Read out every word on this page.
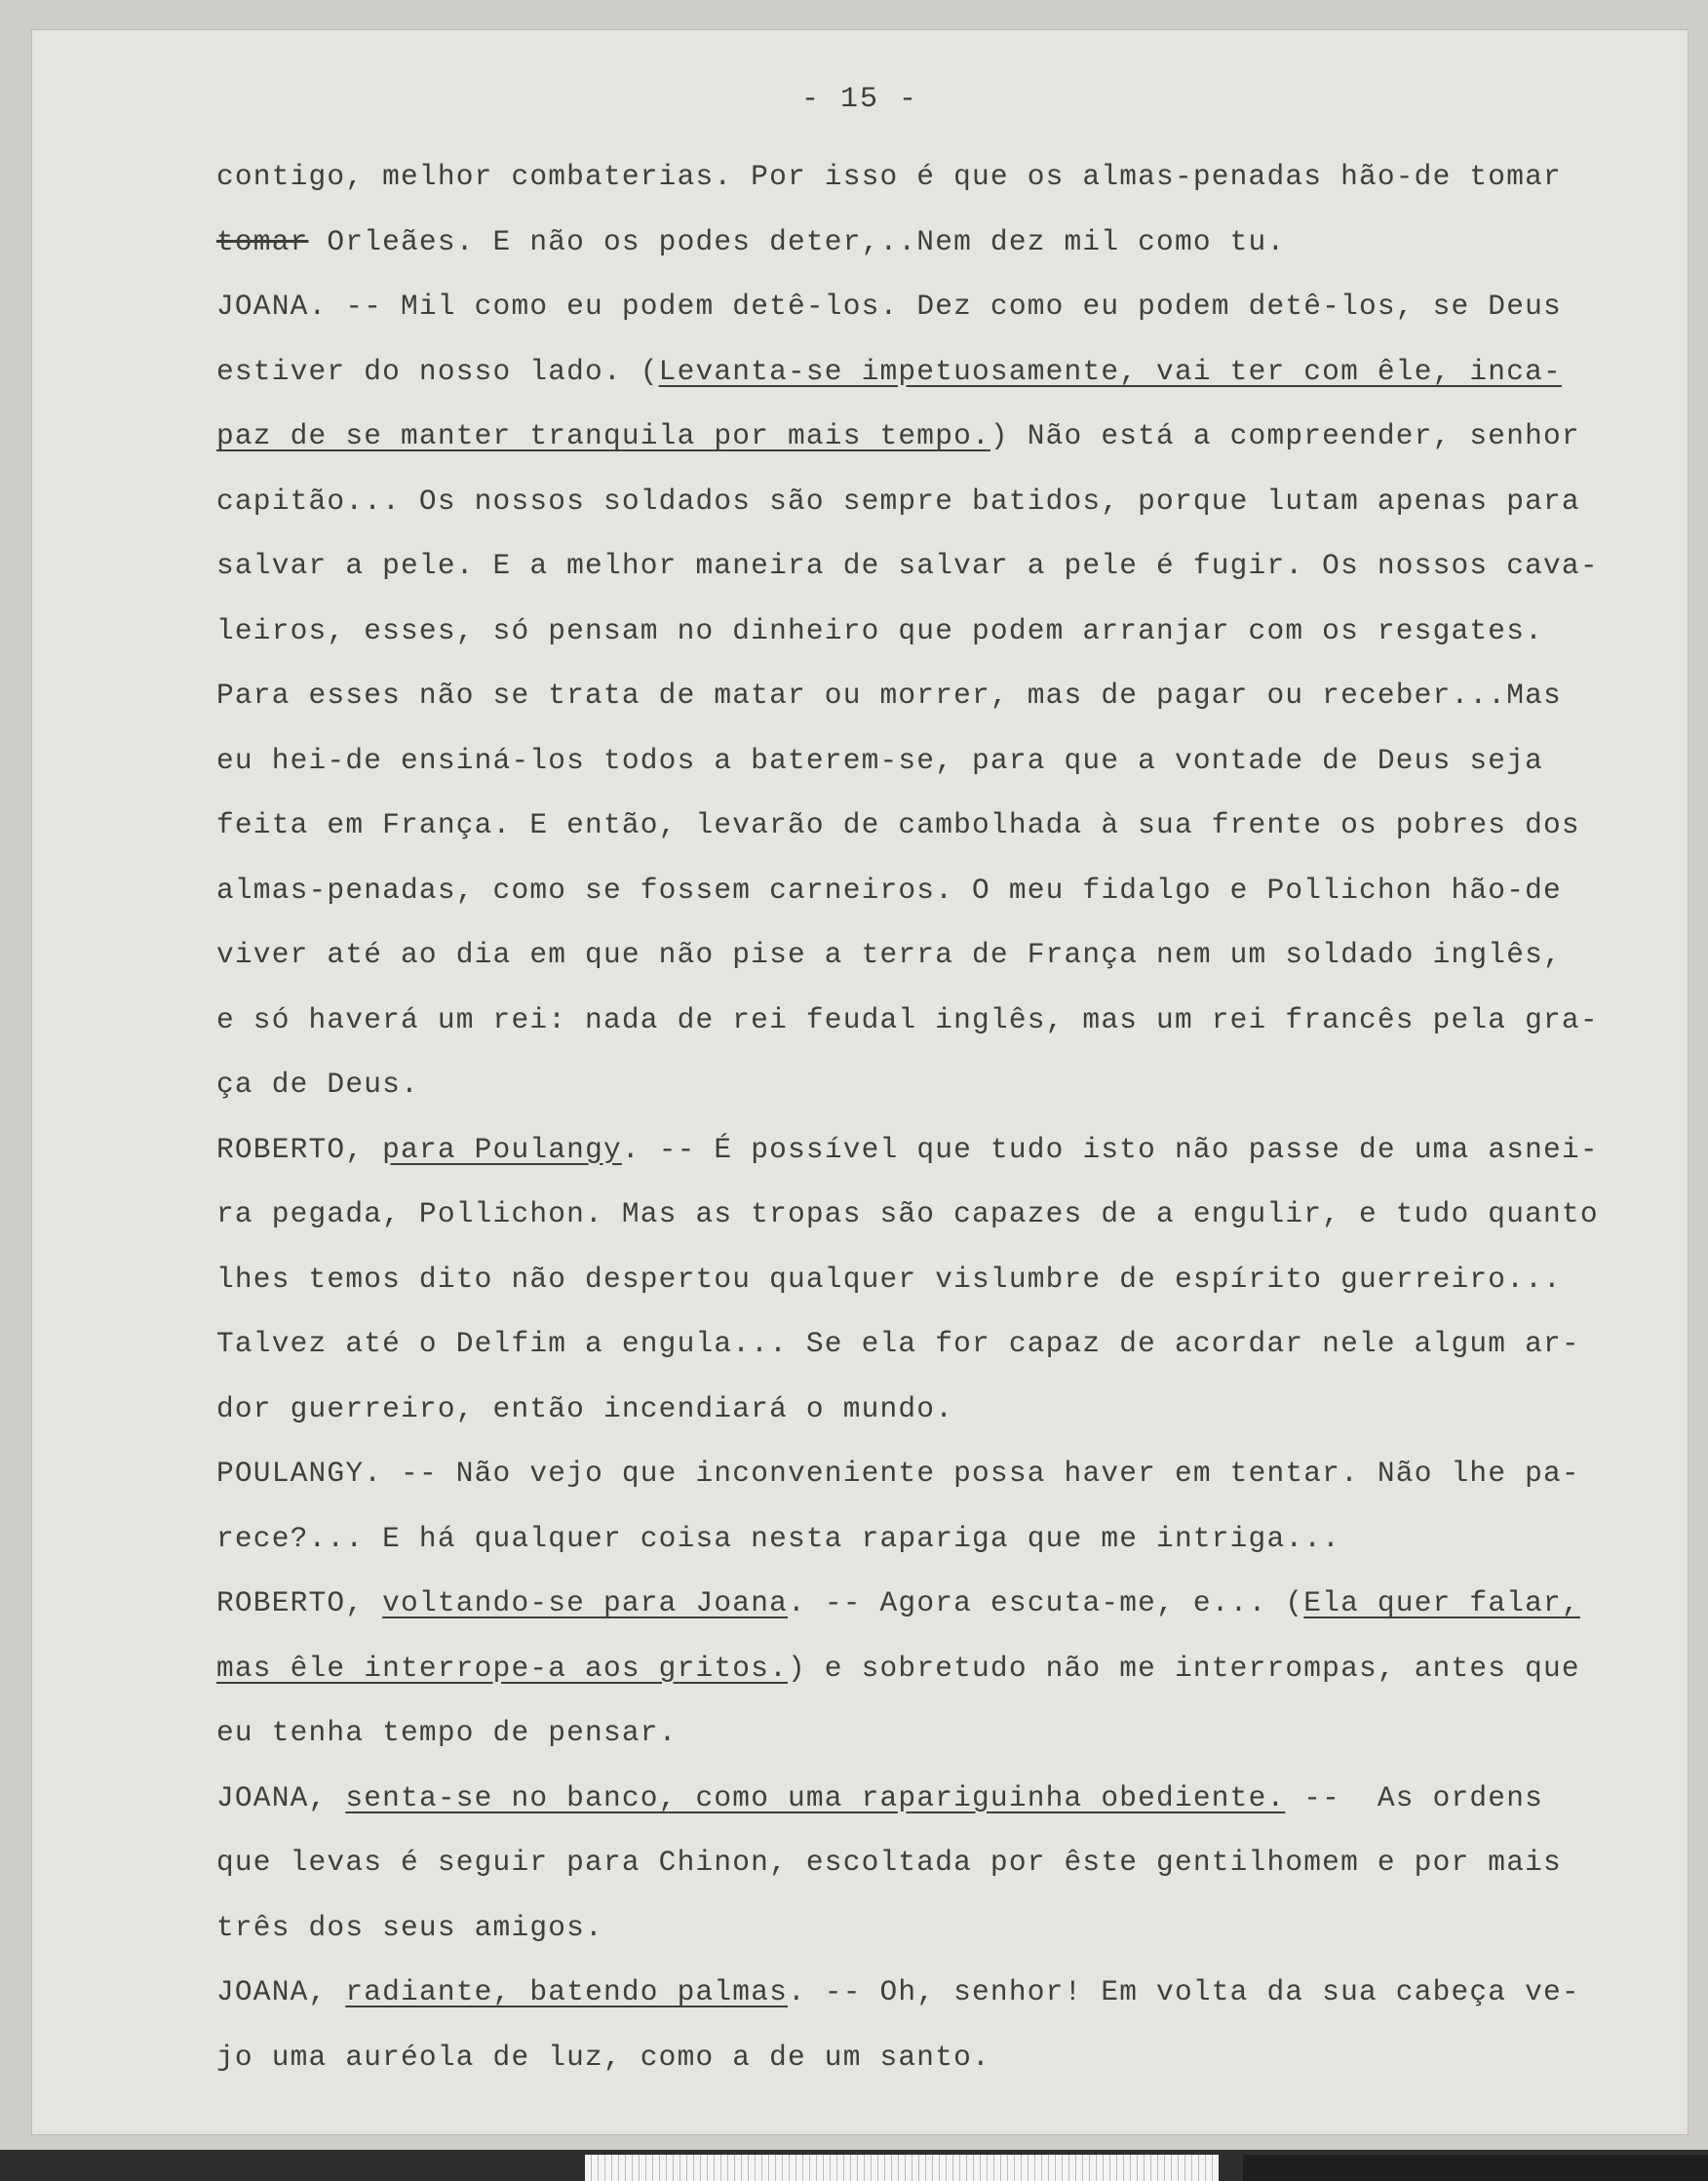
- 15 -
contigo, melhor combaterias. Por isso é que os almas-penadas hão-de tomar
tomar Orleães. E não os podes deter,..Nem dez mil como tu.
JOANA. -- Mil como eu podem detê-los. Dez como eu podem detê-los, se Deus
estiver do nosso lado. (Levanta-se impetuosamente, vai ter com êle, inca-
paz de se manter tranquila por mais tempo.) Não está a compreender, senhor
capitão... Os nossos soldados são sempre batidos, porque lutam apenas para
salvar a pele. E a melhor maneira de salvar a pele é fugir. Os nossos cava-
leiros, esses, só pensam no dinheiro que podem arranjar com os resgates.
Para esses não se trata de matar ou morrer, mas de pagar ou receber...Mas
eu hei-de ensiná-los todos a baterem-se, para que a vontade de Deus seja
feita em França. E então, levarão de cambolhada à sua frente os pobres dos
almas-penadas, como se fossem carneiros. O meu fidalgo e Pollichon hão-de
viver até ao dia em que não pise a terra de França nem um soldado inglês,
e só haverá um rei: nada de rei feudal inglês, mas um rei francês pela gra-
ça de Deus.
ROBERTO, para Poulangy. -- É possível que tudo isto não passe de uma asnei-
ra pegada, Pollichon. Mas as tropas são capazes de a engulir, e tudo quanto
lhes temos dito não despertou qualquer vislumbre de espírito guerreiro...
Talvez até o Delfim a engula... Se ela for capaz de acordar nele algum ar-
dor guerreiro, então incendiará o mundo.
POULANGY. -- Não vejo que inconveniente possa haver em tentar. Não lhe pa-
rece?... E há qualquer coisa nesta rapariga que me intriga...
ROBERTO, voltando-se para Joana. -- Agora escuta-me, e... (Ela quer falar,
mas êle interrope-a aos gritos.) e sobretudo não me interrompas, antes que
eu tenha tempo de pensar.
JOANA, senta-se no banco, como uma rapariguinha obediente. --  As ordens
que levas é seguir para Chinon, escoltada por êste gentilhomem e por mais
três dos seus amigos.
JOANA, radiante, batendo palmas. -- Oh, senhor! Em volta da sua cabeça ve-
jo uma auréola de luz, como a de um santo.
